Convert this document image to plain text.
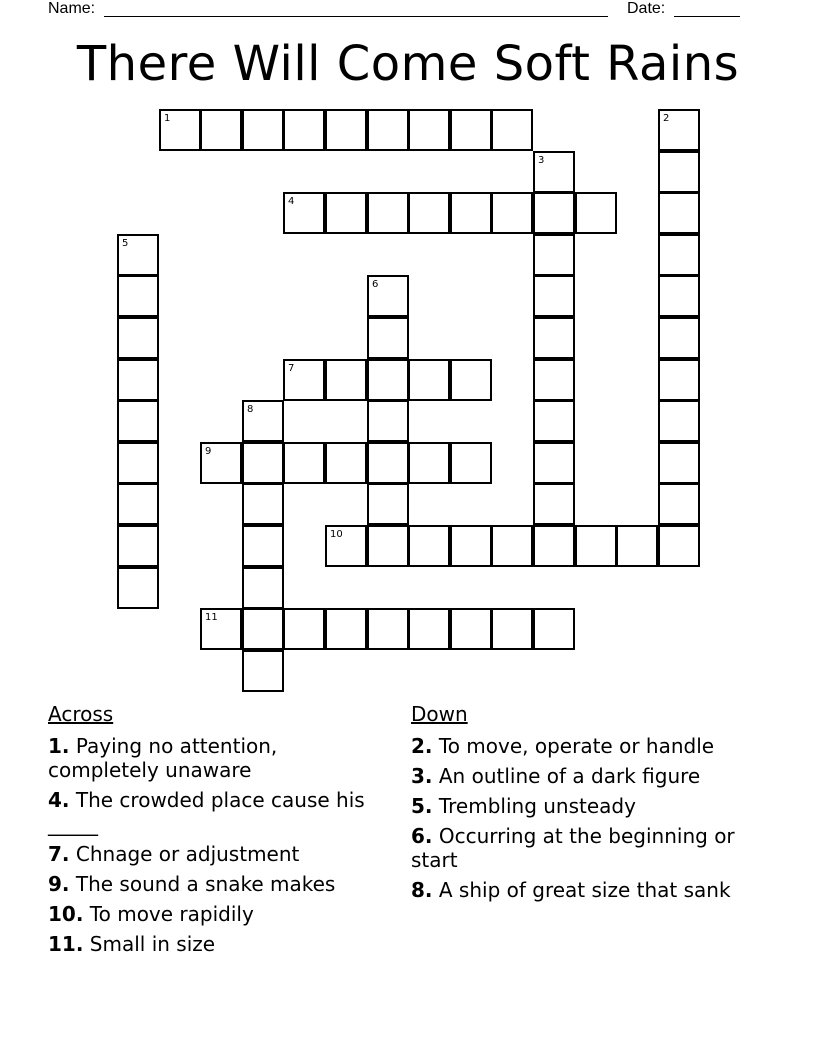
Name:	Date:
There Will Come Soft Rains
1
4
7
9
10
11
2
3
5
6
8
Across
1. Paying no attention, completely unaware
4. The crowded place cause his _____
7. Chnage or adjustment
9. The sound a snake makes
10. To move rapidily
11. Small in size
Down
2. To move, operate or handle
3. An outline of a dark figure
5. Trembling unsteady
6. Occurring at the beginning or start
8. A ship of great size that sank
